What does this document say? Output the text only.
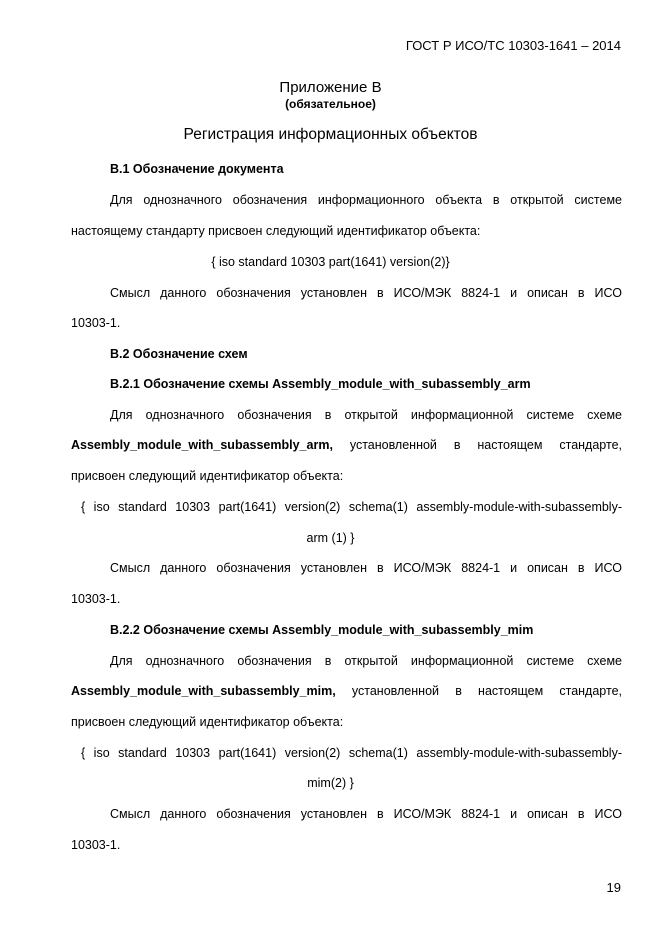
ГОСТ Р ИСО/ТС 10303-1641 – 2014
Приложение В
(обязательное)
Регистрация информационных объектов
В.1 Обозначение документа
Для однозначного обозначения информационного объекта в открытой системе
настоящему стандарту присвоен следующий идентификатор объекта:
{ iso standard 10303 part(1641) version(2)}
Смысл данного обозначения установлен в ИСО/МЭК 8824-1 и описан в ИСО
10303-1.
В.2 Обозначение схем
В.2.1 Обозначение схемы Assembly_module_with_subassembly_arm
Для однозначного обозначения в открытой информационной системе схеме
Assembly_module_with_subassembly_arm, установленной в настоящем стандарте,
присвоен следующий идентификатор объекта:
{ iso standard 10303 part(1641) version(2) schema(1) assembly-module-with-subassembly-
arm (1) }
Смысл данного обозначения установлен в ИСО/МЭК 8824-1 и описан в ИСО
10303-1.
В.2.2 Обозначение схемы Assembly_module_with_subassembly_mim
Для однозначного обозначения в открытой информационной системе схеме
Assembly_module_with_subassembly_mim, установленной в настоящем стандарте,
присвоен следующий идентификатор объекта:
{ iso standard 10303 part(1641) version(2) schema(1) assembly-module-with-subassembly-
mim(2) }
Смысл данного обозначения установлен в ИСО/МЭК 8824-1 и описан в ИСО
10303-1.
19
